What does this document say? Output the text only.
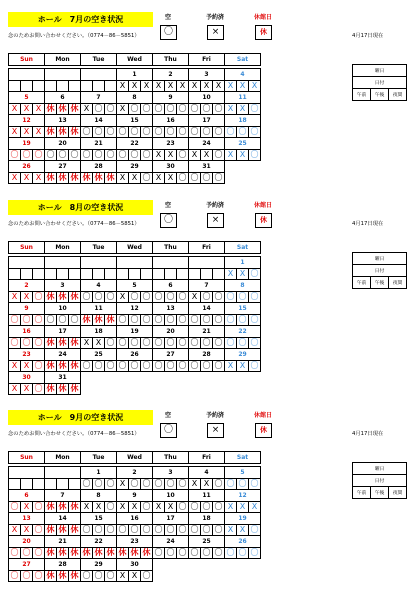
ホール　7月の空き状況
念のためお問い合わせください。（0774－86－5851）	4月17日現在
空
〇
予約済
×
休館日
休
Sun			Mon			Tue			Wed			Thu			Fri			Sat		

									1			2			3			4		
									X	X	X	X	X	X	X	X	X	X	X	X
5			6			7			8			9			10			11		
X	X	X	休	休	休	X	〇	〇	X	〇	〇	〇	〇	〇	〇	〇	〇	X	X	〇
12			13			14			15			16			17			18		
X	X	X	休	休	休	〇	〇	〇	〇	〇	〇	〇	〇	〇	〇	〇	〇	〇	〇	〇
19			20			21			22			23			24			25		
〇	〇	〇	〇	〇	〇	〇	〇	〇	〇	〇	〇	X	X	〇	X	X	〇	X	X	〇
26			27			28			29			30			31					
X	X	X	休	休	休	休	休	休	X	X	〇	X	X	〇	〇	〇	〇			
曜日
日付
午前	午後	夜間
ホール　8月の空き状況
念のためお問い合わせください。（0774－86－5851）	4月17日現在
空
〇
予約済
×
休館日
休
Sun			Mon			Tue			Wed			Thu			Fri			Sat		

																		1		
																		X	X	〇
2			3			4			5			6			7			8		
X	X	〇	休	休	休	〇	〇	〇	X	〇	〇	〇	〇	〇	X	〇	〇	〇	〇	〇
9			10			11			12			13			14			15		
〇	〇	〇	〇	〇	〇	休	休	休	〇	〇	〇	〇	〇	〇	〇	〇	〇	〇	〇	〇
16			17			18			19			20			21			22		
〇	〇	〇	休	休	休	X	X	〇	〇	〇	〇	〇	〇	〇	〇	〇	〇	〇	〇	〇
23			24			25			26			27			28			29		
X	X	〇	休	休	休	〇	〇	〇	〇	〇	〇	〇	〇	〇	〇	〇	〇	X	X	〇
30			31																	
X	X	〇	休	休	休															
曜日
日付
午前	午後	夜間
ホール　9月の空き状況
念のためお問い合わせください。（0774－86－5851）	4月17日現在
空
〇
予約済
×
休館日
休
Sun			Mon			Tue			Wed			Thu			Fri			Sat		

						1			2			3			4			5		
						〇	〇	〇	X	〇	〇	〇	〇	〇	X	X	〇	〇	〇	〇
6			7			8			9			10			11			12		
〇	X	〇	休	休	休	X	X	〇	X	X	〇	X	X	〇	〇	〇	〇	X	X	X
13			14			15			16			17			18			19		
X	X	〇	休	休	休	〇	〇	〇	〇	〇	〇	〇	〇	〇	〇	〇	〇	X	X	〇
20			21			22			23			24			25			26		
〇	〇	〇	休	休	休	休	休	休	休	休	休	〇	〇	〇	〇	〇	〇	〇	〇	〇
27			28			29			30											
〇	〇	〇	休	休	休	〇	〇	〇	X	X	〇									
曜日
日付
午前	午後	夜間
